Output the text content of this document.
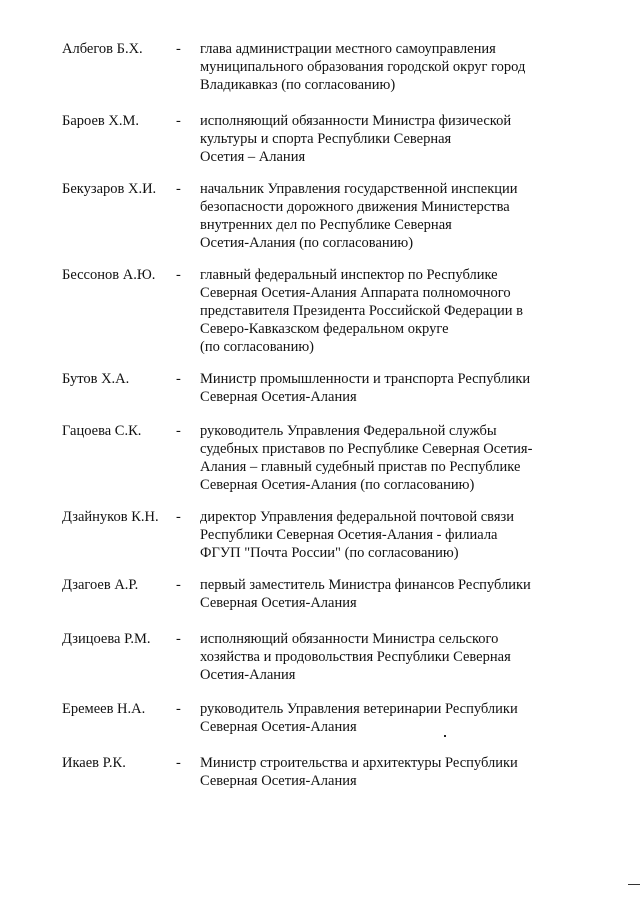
Албегов Б.Х. - глава администрации местного самоуправления
муниципального образования городской округ город
Владикавказ (по согласованию)
Бароев Х.М.	- исполняющий обязанности Министра физической
культуры и спорта Республики Северная
Осетия – Алания
Бекузаров Х.И. - начальник Управления государственной инспекции
безопасности дорожного движения Министерства
внутренних дел по Республике Северная
Осетия-Алания (по согласованию)
Бессонов А.Ю. - главный федеральный инспектор по Республике
Северная Осетия-Алания Аппарата полномочного
представителя Президента Российской Федерации в
Северо-Кавказском федеральном округе
(по согласованию)
Бутов Х.А.	- Министр промышленности и транспорта Республики
Северная Осетия-Алания
Гацоева С.К. - руководитель Управления Федеральной службы
судебных приставов по Республике Северная Осетия-
Алания – главный судебный пристав по Республике
Северная Осетия-Алания (по согласованию)
Дзайнуков К.Н. - директор Управления федеральной почтовой связи
Республики Северная Осетия-Алания - филиала
ФГУП "Почта России" (по согласованию)
Дзагоев А.Р.	- первый заместитель Министра финансов Республики
Северная Осетия-Алания
Дзицоева Р.М. - исполняющий обязанности Министра сельского
хозяйства и продовольствия Республики Северная
Осетия-Алания
Еремеев Н.А. - руководитель Управления ветеринарии Республики
Северная Осетия-Алания
Икаев Р.К.	- Министр строительства и архитектуры Республики
Северная Осетия-Алания
